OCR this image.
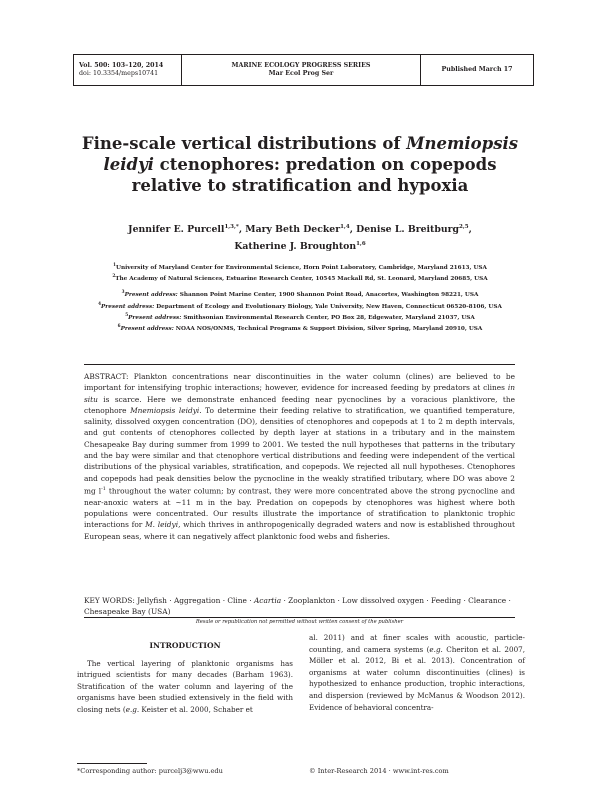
Vol. 500: 103–120, 2014
doi: 10.3354/meps10741
MARINE ECOLOGY PROGRESS SERIES
Mar Ecol Prog Ser
Published March 17
Fine-scale vertical distributions of Mnemiopsis leidyi ctenophores: predation on copepods relative to stratification and hypoxia
Jennifer E. Purcell$^{1,3,*}$, Mary Beth Decker$^{1,4}$, Denise L. Breitburg$^{2,5}$,
Katherine J. Broughton$^{1,6}$
$^1$University of Maryland Center for Environmental Science, Horn Point Laboratory, Cambridge, Maryland 21613, USA
$^2$The Academy of Natural Sciences, Estuarine Research Center, 10545 Mackall Rd, St. Leonard, Maryland 20685, USA
$^3$Present address: Shannon Point Marine Center, 1900 Shannon Point Road, Anacortes, Washington 98221, USA
$^4$Present address: Department of Ecology and Evolutionary Biology, Yale University, New Haven, Connecticut 06520-8106, USA
$^5$Present address: Smithsonian Environmental Research Center, PO Box 28, Edgewater, Maryland 21037, USA
$^6$Present address: NOAA NOS/ONMS, Technical Programs & Support Division, Silver Spring, Maryland 20910, USA
ABSTRACT: Plankton concentrations near discontinuities in the water column (clines) are believed to be important for intensifying trophic interactions; however, evidence for increased feeding by predators at clines in situ is scarce. Here we demonstrate enhanced feeding near pycnoclines by a voracious planktivore, the ctenophore Mnemiopsis leidyi. To determine their feeding relative to stratification, we quantified temperature, salinity, dissolved oxygen concentration (DO), densities of ctenophores and copepods at 1 to 2 m depth intervals, and gut contents of ctenophores collected by depth layer at stations in a tributary and in the mainstem Chesapeake Bay during summer from 1999 to 2001. We tested the null hypotheses that patterns in the tributary and the bay were similar and that ctenophore vertical distributions and feeding were independent of the vertical distributions of the physical variables, stratification, and copepods. We rejected all null hypotheses. Ctenophores and copepods had peak densities below the pycnocline in the weakly stratified tributary, where DO was above 2 mg $l^{-1}$ throughout the water column; by contrast, they were more concentrated above the strong pycnocline and near-anoxic waters at ~11 m in the bay. Predation on copepods by ctenophores was highest where both populations were concentrated. Our results illustrate the importance of stratification to planktonic trophic interactions for M. leidyi, which thrives in anthropogenically degraded waters and now is established throughout European seas, where it can negatively affect planktonic food webs and fisheries.
KEY WORDS: Jellyfish · Aggregation · Cline · Acartia · Zooplankton · Low dissolved oxygen · Feeding · Clearance · Chesapeake Bay (USA)
Resale or republication not permitted without written consent of the publisher
INTRODUCTION
The vertical layering of planktonic organisms has intrigued scientists for many decades (Barham 1963). Stratification of the water column and layering of the organisms have been studied extensively in the field with closing nets (e.g. Keister et al. 2000, Schaber et
al. 2011) and at finer scales with acoustic, particle-counting, and camera systems (e.g. Cheriton et al. 2007, Möller et al. 2012, Bi et al. 2013). Concentration of organisms at water column discontinuities (clines) is hypothesized to enhance production, trophic interactions, and dispersion (reviewed by McManus & Woodson 2012). Evidence of behavioral concentra-
*Corresponding author: purcelj3@wwu.edu	© Inter-Research 2014 · www.int-res.com
